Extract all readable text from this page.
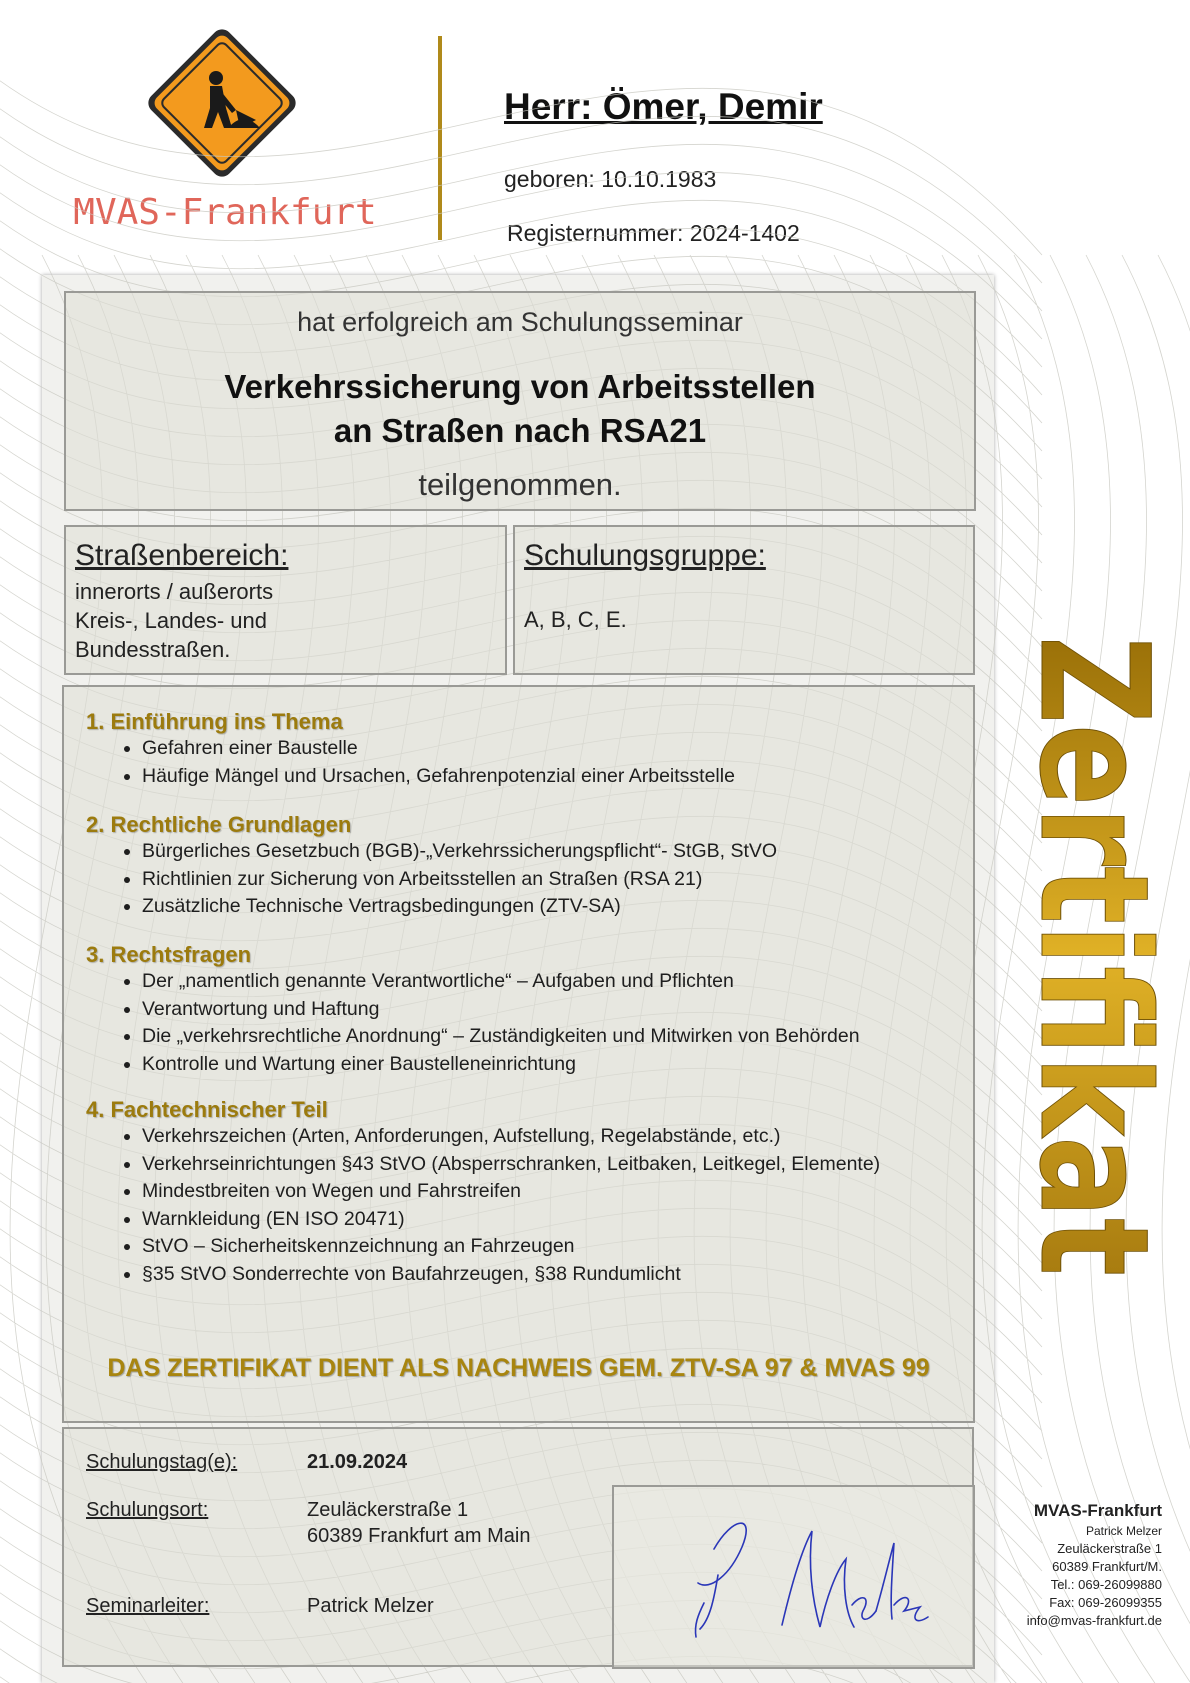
MVAS-Frankfurt
Herr: Ömer, Demir
geboren: 10.10.1983
Registernummer: 2024-1402
hat erfolgreich am Schulungsseminar
Verkehrssicherung von Arbeitsstellen
an Straßen nach RSA21
teilgenommen.
Straßenbereich:
innerorts / außerorts
Kreis-, Landes- und
Bundesstraßen.
Schulungsgruppe:
A, B, C, E.
1. Einführung ins Thema
• Gefahren einer Baustelle
• Häufige Mängel und Ursachen, Gefahrenpotenzial einer Arbeitsstelle
2. Rechtliche Grundlagen
• Bürgerliches Gesetzbuch (BGB)-„Verkehrssicherungspflicht“- StGB, StVO
• Richtlinien zur Sicherung von Arbeitsstellen an Straßen (RSA 21)
• Zusätzliche Technische Vertragsbedingungen (ZTV-SA)
3. Rechtsfragen
• Der „namentlich genannte Verantwortliche“ – Aufgaben und Pflichten
• Verantwortung und Haftung
• Die „verkehrsrechtliche Anordnung“ – Zuständigkeiten und Mitwirken von Behörden
• Kontrolle und Wartung einer Baustelleneinrichtung
4. Fachtechnischer Teil
• Verkehrszeichen (Arten, Anforderungen, Aufstellung, Regelabstände, etc.)
• Verkehrseinrichtungen §43 StVO (Absperrschranken, Leitbaken, Leitkegel, Elemente)
• Mindestbreiten von Wegen und Fahrstreifen
• Warnkleidung (EN ISO 20471)
• StVO – Sicherheitskennzeichnung an Fahrzeugen
• §35 StVO Sonderrechte von Baufahrzeugen, §38 Rundumlicht
DAS ZERTIFIKAT DIENT ALS NACHWEIS GEM. ZTV-SA 97 & MVAS 99
Schulungstag(e):	21.09.2024
Schulungsort:	Zeuläckerstraße 1
60389 Frankfurt am Main
Seminarleiter:	Patrick Melzer
Zertifikat
MVAS-Frankfurt
Patrick Melzer
Zeuläckerstraße 1
60389 Frankfurt/M.
Tel.: 069-26099880
Fax: 069-26099355
info@mvas-frankfurt.de
